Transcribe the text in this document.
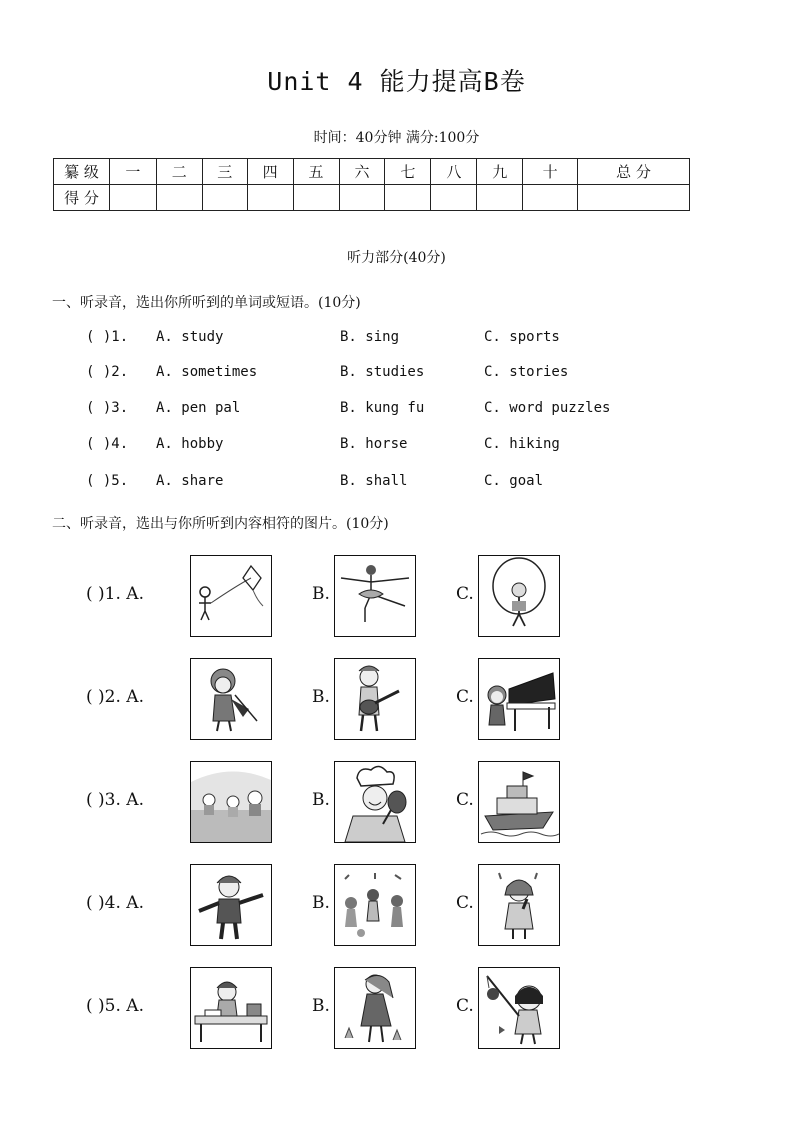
Unit 4 能力提高B卷
时间：40分钟 满分:100分
纂 级	一	二	三	四	五	六	七	八	九	十	总 分
得 分											
听力部分(40分)
一、听录音，选出你所听到的单词或短语。(10分)
( )1. A. study	B. sing	C. sports
( )2. A. sometimes	B. studies	C. stories
( )3. A. pen pal	B. kung fu	C. word puzzles
( )4. A. hobby	B. horse	C. hiking
( )5. A. share	B. shall	C. goal
二、听录音，选出与你所听到内容相符的图片。(10分)
( )1. A.	B.	C.
( )2. A.	B.	C.
( )3. A.	B.	C.
( )4. A.	B.	C.
( )5. A.	B.	C.
